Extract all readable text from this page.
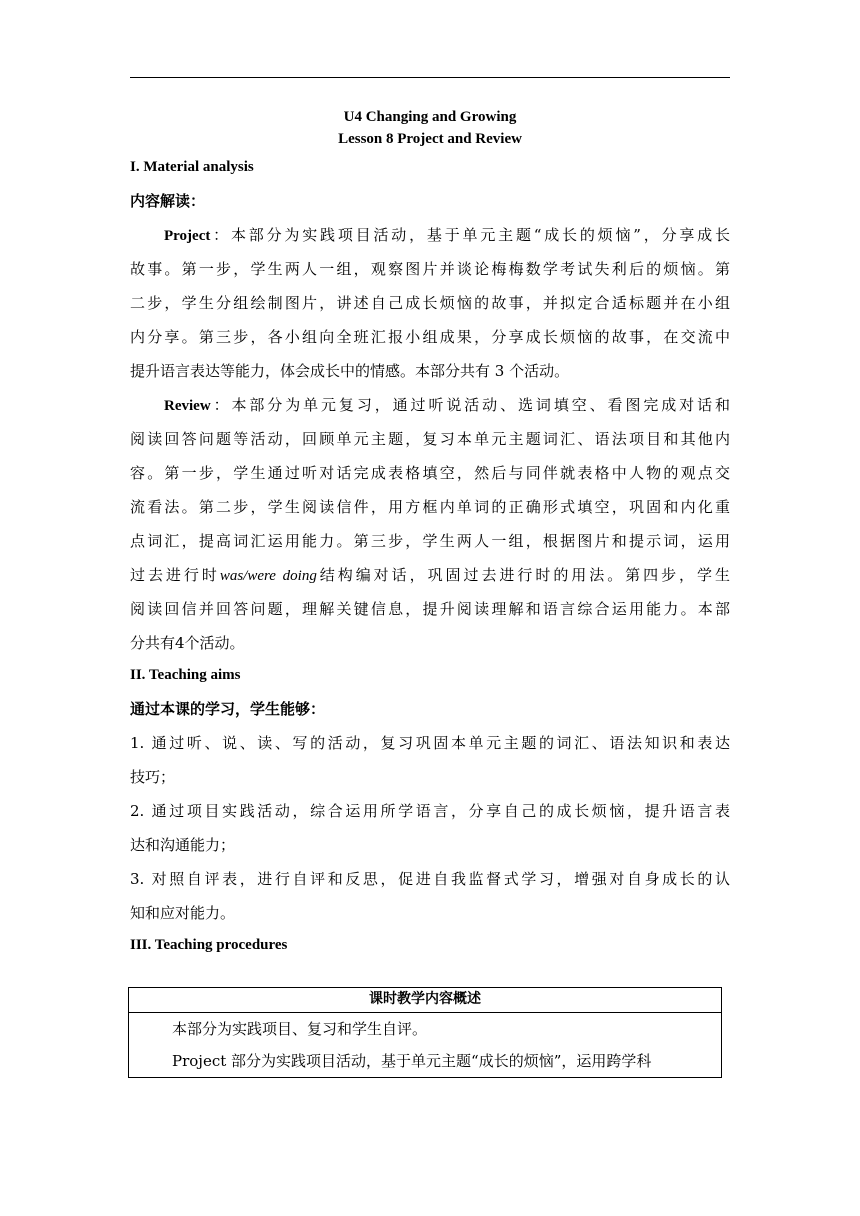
U4 Changing and Growing
Lesson 8 Project and Review
I. Material analysis
内容解读：
Project：本部分为实践项目活动，基于单元主题“成长的烦恼”，分享成长
故事。第一步，学生两人一组，观察图片并谈论梅梅数学考试失利后的烦恼。第
二步，学生分组绘制图片，讲述自己成长烦恼的故事，并拟定合适标题并在小组
内分享。第三步，各小组向全班汇报小组成果，分享成长烦恼的故事，在交流中
提升语言表达等能力，体会成长中的情感。本部分共有 3 个活动。
Review：本部分为单元复习，通过听说活动、选词填空、看图完成对话和
阅读回答问题等活动，回顾单元主题，复习本单元主题词汇、语法项目和其他内
容。第一步，学生通过听对话完成表格填空，然后与同伴就表格中人物的观点交
流看法。第二步，学生阅读信件，用方框内单词的正确形式填空，巩固和内化重
点词汇，提高词汇运用能力。第三步，学生两人一组，根据图片和提示词，运用
过去进行时was/were doing结构编对话，巩固过去进行时的用法。第四步，学生
阅读回信并回答问题，理解关键信息，提升阅读理解和语言综合运用能力。本部
分共有4个活动。
II. Teaching aims
通过本课的学习，学生能够：
1. 通过听、说、读、写的活动，复习巩固本单元主题的词汇、语法知识和表达
技巧；
2. 通过项目实践活动，综合运用所学语言，分享自己的成长烦恼，提升语言表
达和沟通能力；
3. 对照自评表，进行自评和反思，促进自我监督式学习，增强对自身成长的认
知和应对能力。
III. Teaching procedures
课时教学内容概述
本部分为实践项目、复习和学生自评。
Project 部分为实践项目活动，基于单元主题“成长的烦恼”，运用跨学科
